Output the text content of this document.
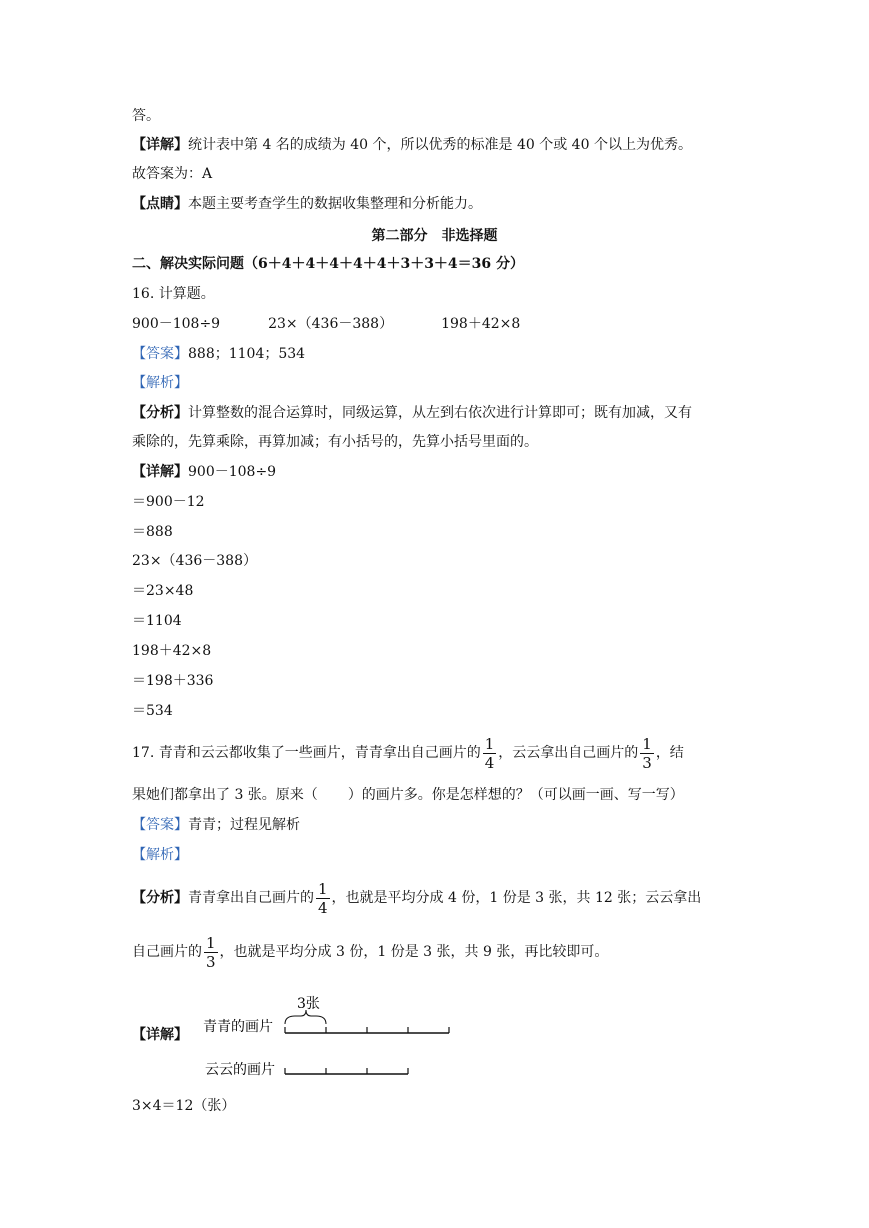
答。
【详解】统计表中第 4 名的成绩为 40 个，所以优秀的标准是 40 个或 40 个以上为优秀。
故答案为：A
【点睛】本题主要考查学生的数据收集整理和分析能力。
第二部分　非选择题
二、解决实际问题（6＋4＋4＋4＋4＋4＋3＋3＋4＝36 分）
16. 计算题。
900－108÷9	23×（436－388）	198＋42×8
【答案】888；1104；534
【解析】
【分析】计算整数的混合运算时，同级运算，从左到右依次进行计算即可；既有加减，又有
乘除的，先算乘除，再算加减；有小括号的，先算小括号里面的。
【详解】900－108÷9
＝900－12
＝888
23×（436－388）
＝23×48
＝1104
198＋42×8
＝198＋336
＝534
17. 青青和云云都收集了一些画片，青青拿出自己画片的 $\frac{1}{4}$ ，云云拿出自己画片的 $\frac{1}{3}$ ，结
果她们都拿出了 3 张。原来（ ）的画片多。你是怎样想的？（可以画一画、写一写）
【答案】青青；过程见解析
【解析】
【分析】青青拿出自己画片的 $\frac{1}{4}$ ，也就是平均分成 4 份，1 份是 3 张，共 12 张；云云拿出
自己画片的 $\frac{1}{3}$ ，也就是平均分成 3 份，1 份是 3 张，共 9 张，再比较即可。
【详解】
3张
青青的画片
云云的画片
3×4＝12（张）
